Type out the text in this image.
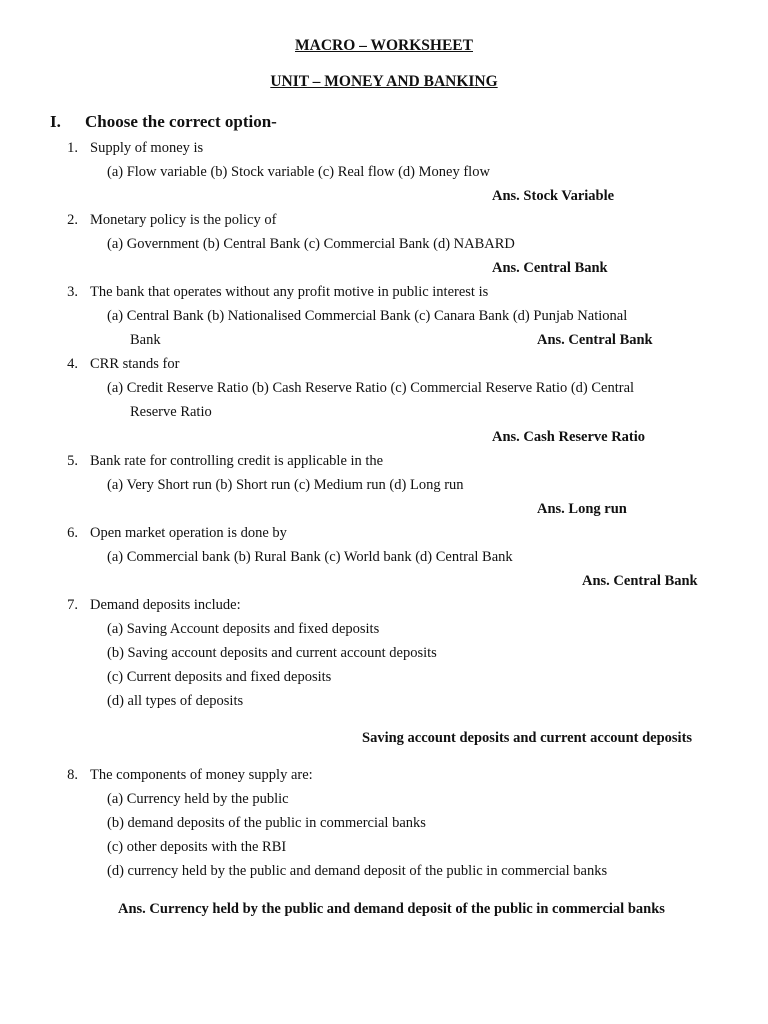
MACRO – WORKSHEET
UNIT – MONEY AND BANKING
I. Choose the correct option-
1. Supply of money is
(a) Flow variable (b) Stock variable (c) Real flow (d) Money flow
Ans. Stock Variable
2. Monetary policy is the policy of
(a) Government (b) Central Bank (c) Commercial Bank (d) NABARD
Ans. Central Bank
3. The bank that operates without any profit motive in public interest is
(a) Central Bank (b) Nationalised Commercial Bank (c) Canara Bank (d) Punjab National
Bank	Ans. Central Bank
4. CRR stands for
(a) Credit Reserve Ratio (b) Cash Reserve Ratio (c) Commercial Reserve Ratio (d) Central
Reserve Ratio
Ans. Cash Reserve Ratio
5. Bank rate for controlling credit is applicable in the
(a) Very Short run (b) Short run (c) Medium run (d) Long run
Ans. Long run
6. Open market operation is done by
(a) Commercial bank (b) Rural Bank (c) World bank (d) Central Bank
Ans. Central Bank
7. Demand deposits include:
(a) Saving Account deposits and fixed deposits
(b) Saving account deposits and current account deposits
(c) Current deposits and fixed deposits
(d) all types of deposits
Saving account deposits and current account deposits
8. The components of money supply are:
(a) Currency held by the public
(b) demand deposits of the public in commercial banks
(c) other deposits with the RBI
(d) currency held by the public and demand deposit of the public in commercial banks
Ans. Currency held by the public and demand deposit of the public in commercial banks
